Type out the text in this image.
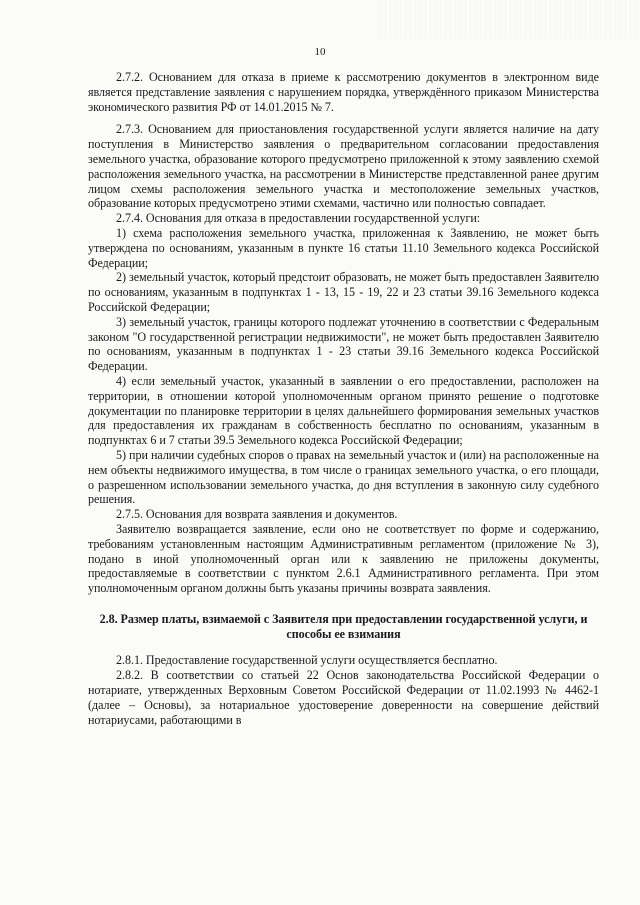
10

2.7.2. Основанием для отказа в приеме к рассмотрению документов в электронном виде является представление заявления с нарушением порядка, утверждённого приказом Министерства экономического развития РФ от 14.01.2015 № 7.

2.7.3. Основанием для приостановления государственной услуги является наличие на дату поступления в Министерство заявления о предварительном согласовании предоставления земельного участка, образование которого предусмотрено приложенной к этому заявлению схемой расположения земельного участка, на рассмотрении в Министерстве представленной ранее другим лицом схемы расположения земельного участка и местоположение земельных участков, образование которых предусмотрено этими схемами, частично или полностью совпадает.

2.7.4. Основания для отказа в предоставлении государственной услуги:

1) схема расположения земельного участка, приложенная к Заявлению, не может быть утверждена по основаниям, указанным в пункте 16 статьи 11.10 Земельного кодекса Российской Федерации;

2) земельный участок, который предстоит образовать, не может быть предоставлен Заявителю по основаниям, указанным в подпунктах 1 - 13, 15 - 19, 22 и 23 статьи 39.16 Земельного кодекса Российской Федерации;

3) земельный участок, границы которого подлежат уточнению в соответствии с Федеральным законом "О государственной регистрации недвижимости", не может быть предоставлен Заявителю по основаниям, указанным в подпунктах 1 - 23 статьи 39.16 Земельного кодекса Российской Федерации.

4) если земельный участок, указанный в заявлении о его предоставлении, расположен на территории, в отношении которой уполномоченным органом принято решение о подготовке документации по планировке территории в целях дальнейшего формирования земельных участков для предоставления их гражданам в собственность бесплатно по основаниям, указанным в подпунктах 6 и 7 статьи 39.5 Земельного кодекса Российской Федерации;

5) при наличии судебных споров о правах на земельный участок и (или) на расположенные на нем объекты недвижимого имущества, в том числе о границах земельного участка, о его площади, о разрешенном использовании земельного участка, до дня вступления в законную силу судебного решения.

2.7.5. Основания для возврата заявления и документов.

Заявителю возвращается заявление, если оно не соответствует по форме и содержанию, требованиям установленным настоящим Административным регламентом (приложение № 3), подано в иной уполномоченный орган или к заявлению не приложены документы, предоставляемые в соответствии с пунктом 2.6.1 Административного регламента. При этом уполномоченным органом должны быть указаны причины возврата заявления.

2.8. Размер платы, взимаемой с Заявителя при предоставлении государственной услуги, и способы ее взимания

2.8.1. Предоставление государственной услуги осуществляется бесплатно.

2.8.2. В соответствии со статьей 22 Основ законодательства Российской Федерации о нотариате, утвержденных Верховным Советом Российской Федерации от 11.02.1993 № 4462-1 (далее – Основы), за нотариальное удостоверение доверенности на совершение действий нотариусами, работающими в
